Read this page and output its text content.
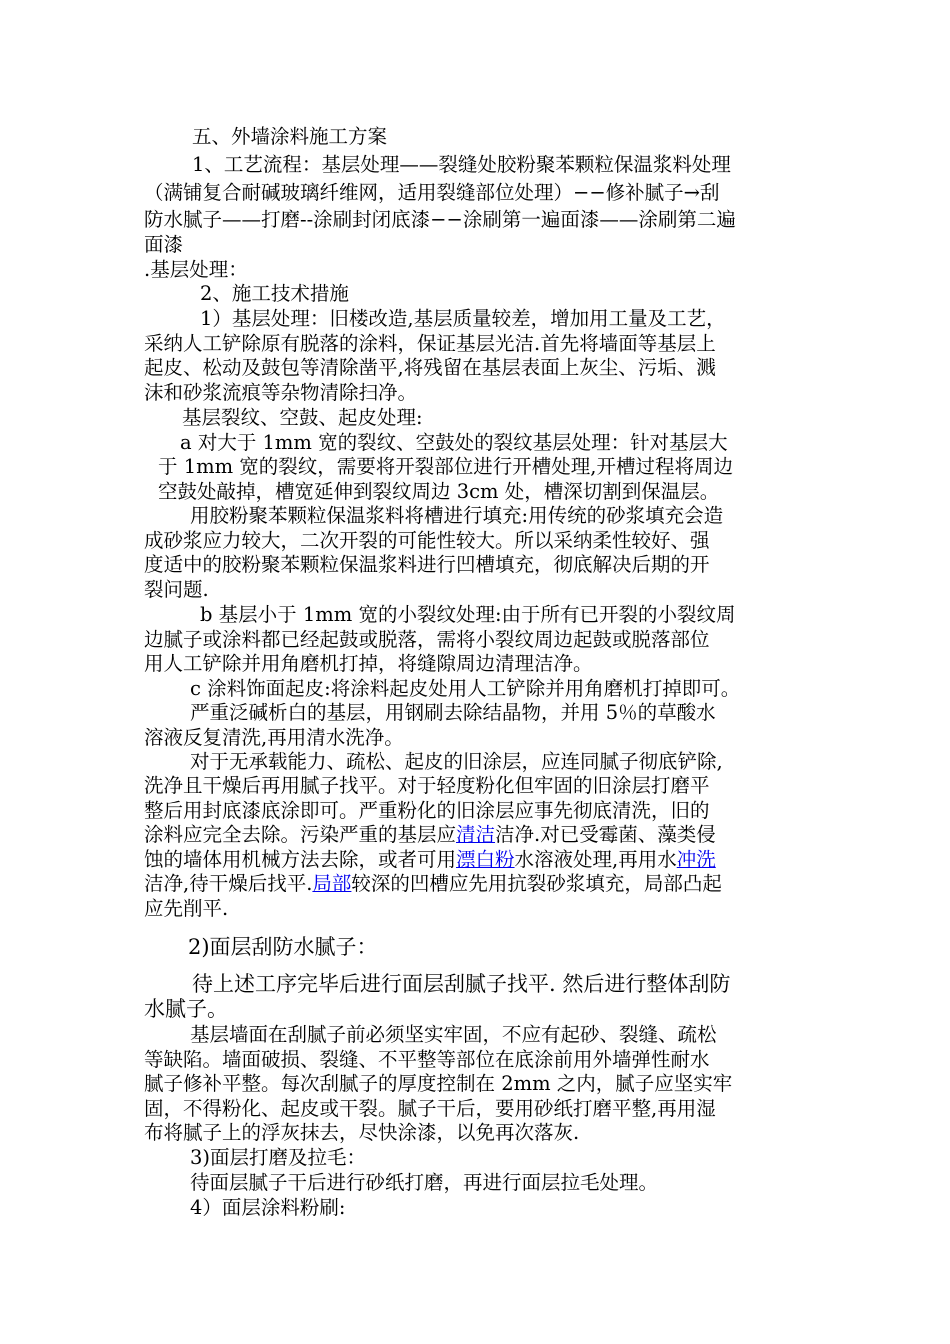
五、外墙涂料施工方案
1、工艺流程：基层处理——裂缝处胶粉聚苯颗粒保温浆料处理
（满铺复合耐碱玻璃纤维网，适用裂缝部位处理）−−修补腻子→刮
防水腻子——打磨--涂刷封闭底漆−−涂刷第一遍面漆——涂刷第二遍
面漆
.基层处理：
2、施工技术措施
1）基层处理：旧楼改造,基层质量较差，增加用工量及工艺，
采纳人工铲除原有脱落的涂料，保证基层光洁.首先将墙面等基层上
起皮、松动及鼓包等清除凿平,将残留在基层表面上灰尘、污垢、溅
沫和砂浆流痕等杂物清除扫净。
基层裂纹、空鼓、起皮处理:
a 对大于 1mm 宽的裂纹、空鼓处的裂纹基层处理：针对基层大
于 1mm 宽的裂纹，需要将开裂部位进行开槽处理,开槽过程将周边
空鼓处敲掉，槽宽延伸到裂纹周边 3cm 处，槽深切割到保温层。
用胶粉聚苯颗粒保温浆料将槽进行填充:用传统的砂浆填充会造
成砂浆应力较大，二次开裂的可能性较大。所以采纳柔性较好、强
度适中的胶粉聚苯颗粒保温浆料进行凹槽填充，彻底解决后期的开
裂问题.
b 基层小于 1mm 宽的小裂纹处理:由于所有已开裂的小裂纹周
边腻子或涂料都已经起鼓或脱落，需将小裂纹周边起鼓或脱落部位
用人工铲除并用角磨机打掉，将缝隙周边清理洁净。
c 涂料饰面起皮:将涂料起皮处用人工铲除并用角磨机打掉即可。
严重泛碱析白的基层，用钢刷去除结晶物，并用 5％的草酸水
溶液反复清洗,再用清水洗净。
对于无承载能力、疏松、起皮的旧涂层，应连同腻子彻底铲除,
洗净且干燥后再用腻子找平。对于轻度粉化但牢固的旧涂层打磨平
整后用封底漆底涂即可。严重粉化的旧涂层应事先彻底清洗，旧的
涂料应完全去除。污染严重的基层应清洁洁净.对已受霉菌、藻类侵
蚀的墙体用机械方法去除，或者可用漂白粉水溶液处理,再用水冲洗
洁净,待干燥后找平.局部较深的凹槽应先用抗裂砂浆填充，局部凸起
应先削平.
2)面层刮防水腻子：
待上述工序完毕后进行面层刮腻子找平. 然后进行整体刮防
水腻子。
基层墙面在刮腻子前必须坚实牢固，不应有起砂、裂缝、疏松
等缺陷。墙面破损、裂缝、不平整等部位在底涂前用外墙弹性耐水
腻子修补平整。每次刮腻子的厚度控制在 2mm 之内，腻子应坚实牢
固，不得粉化、起皮或干裂。腻子干后，要用砂纸打磨平整,再用湿
布将腻子上的浮灰抹去，尽快涂漆，以免再次落灰.
3)面层打磨及拉毛：
待面层腻子干后进行砂纸打磨，再进行面层拉毛处理。
4）面层涂料粉刷:
